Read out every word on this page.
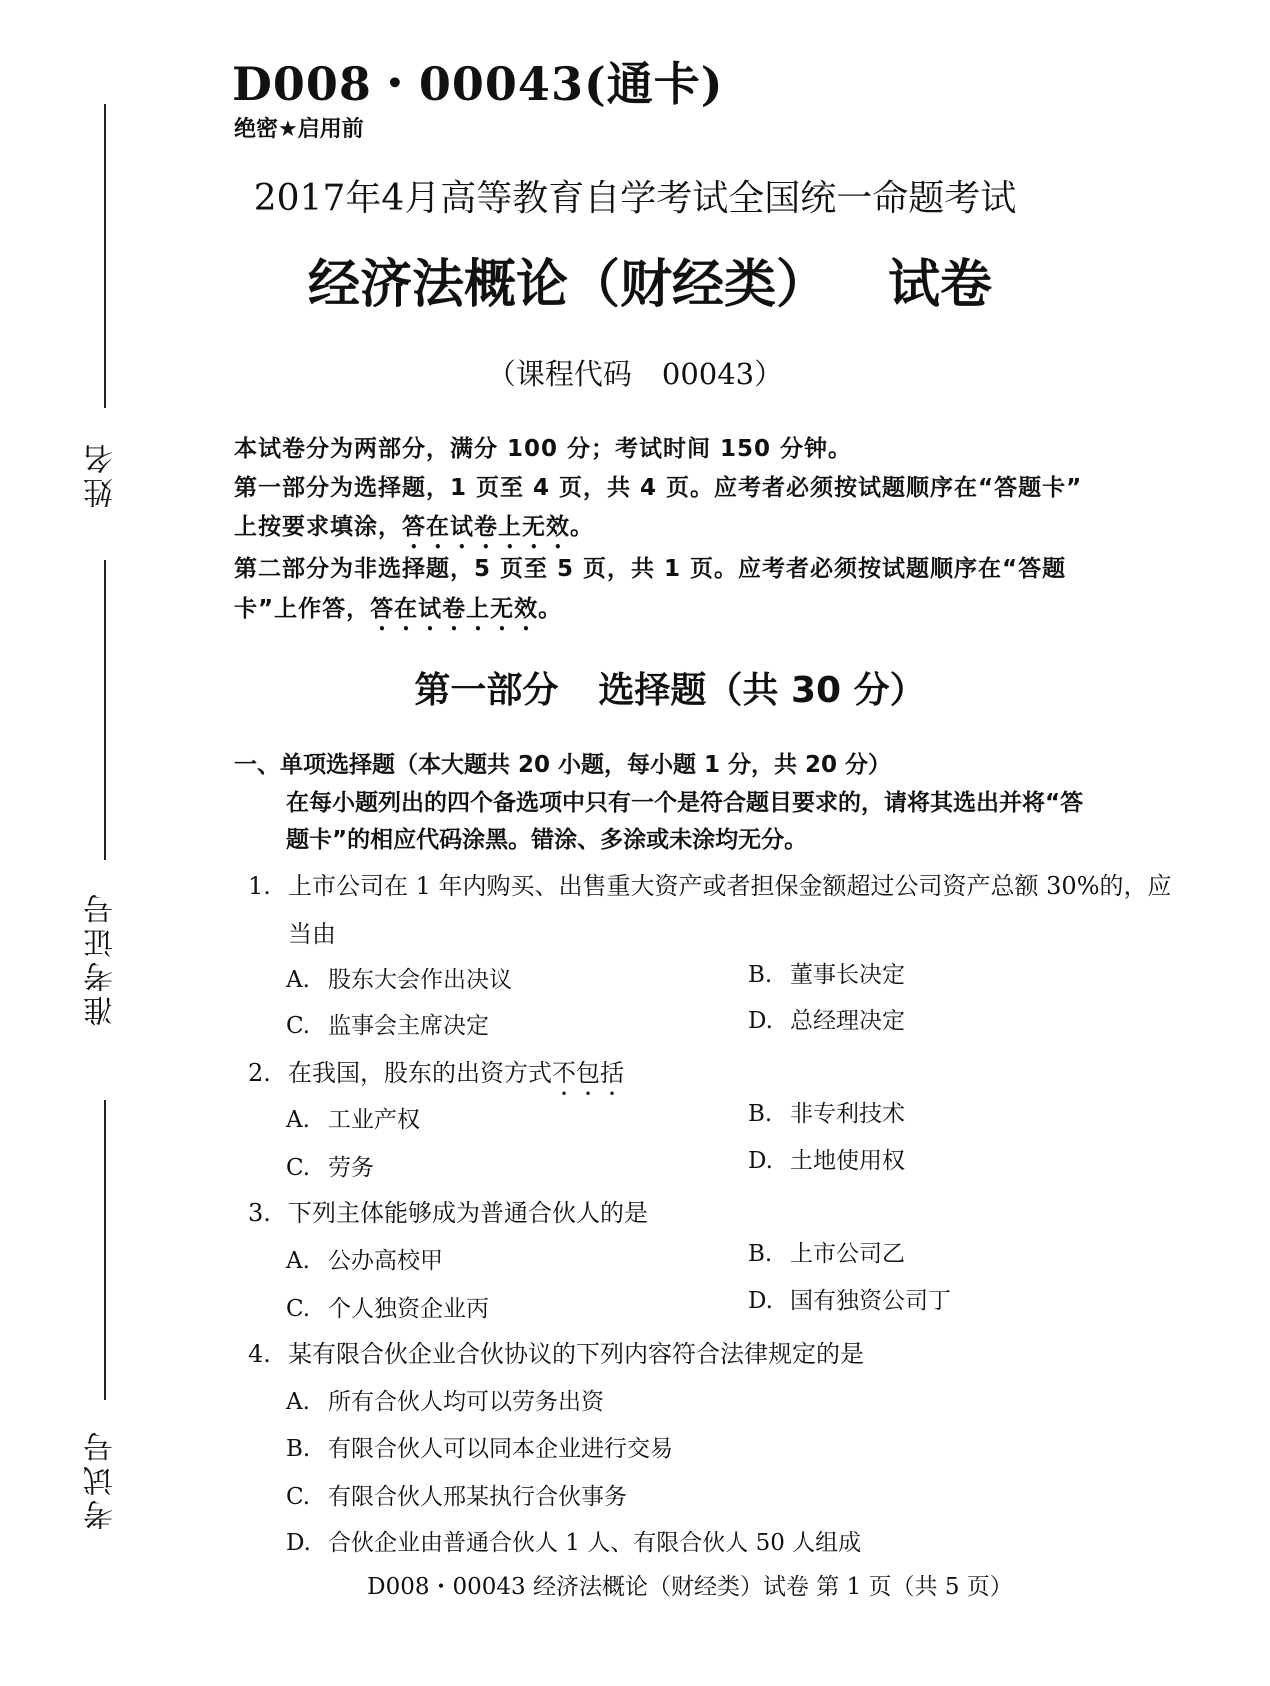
姓名
准考证号
考试号
D008・00043(通卡)
绝密★启用前
2017年4月高等教育自学考试全国统一命题考试
经济法概论（财经类） 试卷
（课程代码 00043）
本试卷分为两部分，满分 100 分；考试时间 150 分钟。
第一部分为选择题，1 页至 4 页，共 4 页。应考者必须按试题顺序在“答题卡”
上按要求填涂，答在试卷上无效。
第二部分为非选择题，5 页至 5 页，共 1 页。应考者必须按试题顺序在“答题
卡”上作答，答在试卷上无效。
第一部分 选择题（共 30 分）
一、单项选择题（本大题共 20 小题，每小题 1 分，共 20 分）
在每小题列出的四个备选项中只有一个是符合题目要求的，请将其选出并将“答
题卡”的相应代码涂黑。错涂、多涂或未涂均无分。
1. 上市公司在 1 年内购买、出售重大资产或者担保金额超过公司资产总额 30%的，应
当由
A. 股东大会作出决议	B. 董事长决定
C. 监事会主席决定	D. 总经理决定
2. 在我国，股东的出资方式不包括
A. 工业产权	B. 非专利技术
C. 劳务	D. 土地使用权
3. 下列主体能够成为普通合伙人的是
A. 公办高校甲	B. 上市公司乙
C. 个人独资企业丙	D. 国有独资公司丁
4. 某有限合伙企业合伙协议的下列内容符合法律规定的是
A. 所有合伙人均可以劳务出资
B. 有限合伙人可以同本企业进行交易
C. 有限合伙人邢某执行合伙事务
D. 合伙企业由普通合伙人 1 人、有限合伙人 50 人组成
D008・00043 经济法概论（财经类）试卷 第 1 页（共 5 页）
